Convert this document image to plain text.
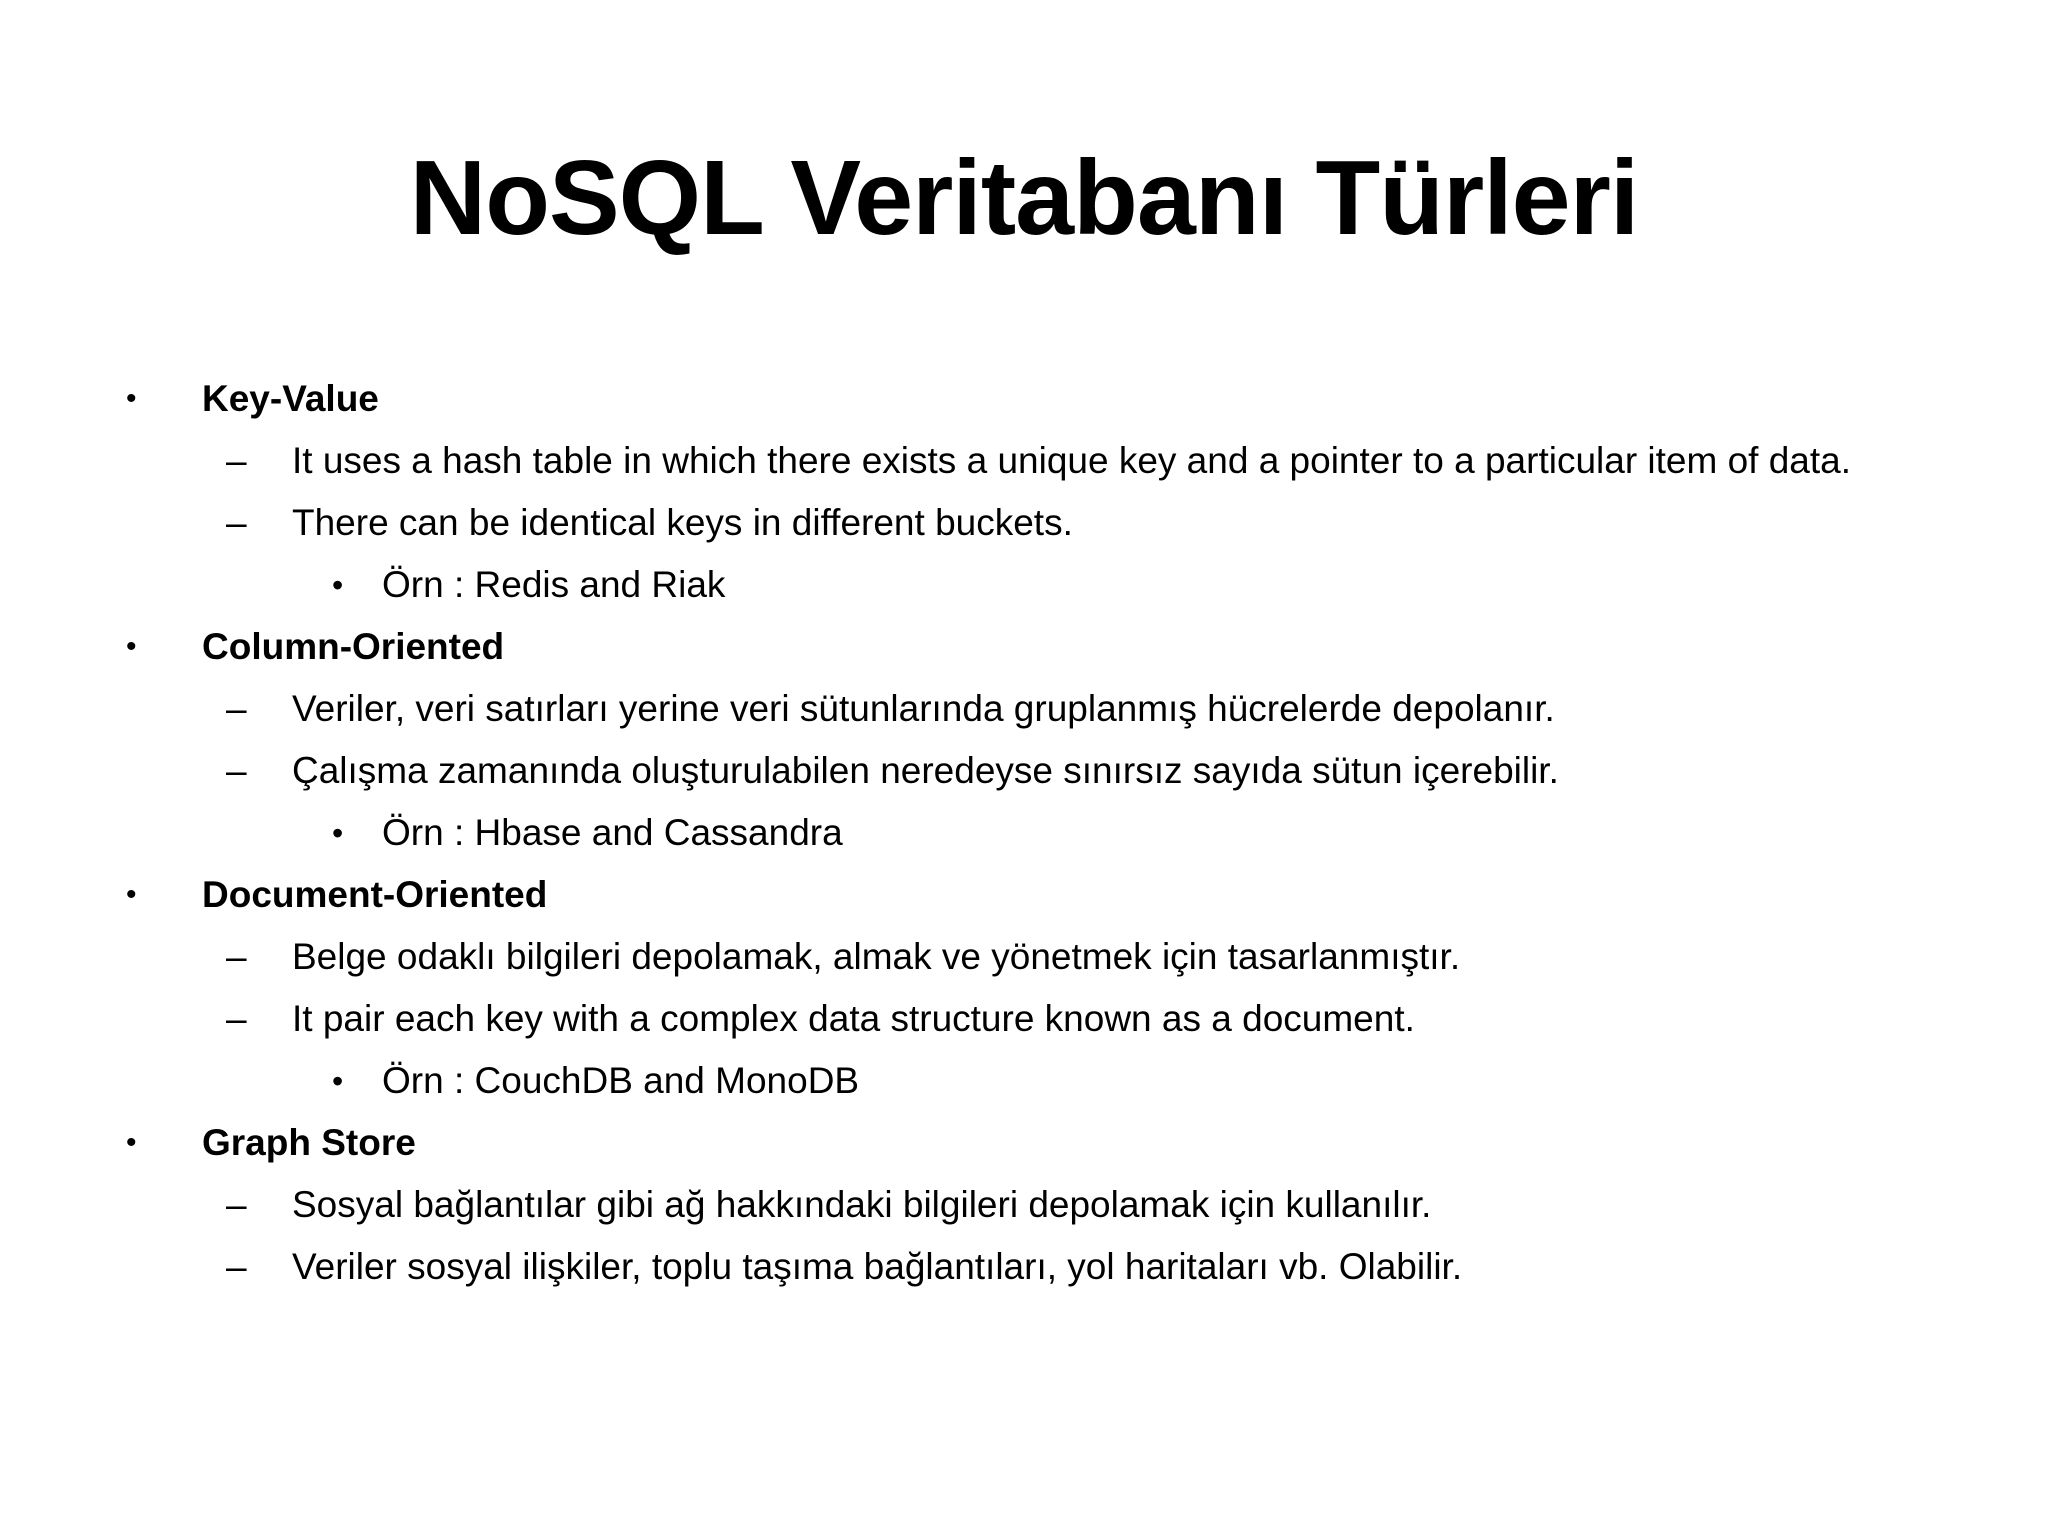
NoSQL Veritabanı Türleri
• Key-Value
– It uses a hash table in which there exists a unique key and a pointer to a particular item of data.
– There can be identical keys in different buckets.
• Örn : Redis and Riak
• Column-Oriented
– Veriler, veri satırları yerine veri sütunlarında gruplanmış hücrelerde depolanır.
– Çalışma zamanında oluşturulabilen neredeyse sınırsız sayıda sütun içerebilir.
• Örn : Hbase and Cassandra
• Document-Oriented
– Belge odaklı bilgileri depolamak, almak ve yönetmek için tasarlanmıştır.
– It pair each key with a complex data structure known as a document.
• Örn : CouchDB and MonoDB
• Graph Store
– Sosyal bağlantılar gibi ağ hakkındaki bilgileri depolamak için kullanılır.
– Veriler sosyal ilişkiler, toplu taşıma bağlantıları, yol haritaları vb. Olabilir.
